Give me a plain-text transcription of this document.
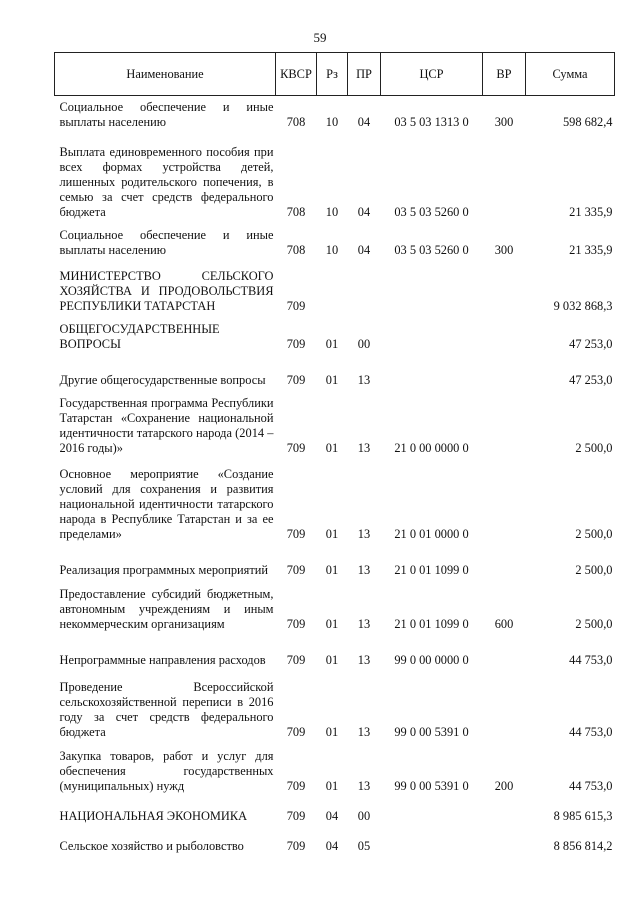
59
Наименование	КВСР	Рз	ПР	ЦСР	ВР	Сумма
Социальное обеспечение и иные выплаты населению	708	10	04	03 5 03 1313 0	300	598 682,4
Выплата единовременного пособия при всех формах устройства детей, лишенных родительского попечения, в семью за счет средств федерального бюджета	708	10	04	03 5 03 5260 0		21 335,9
Социальное обеспечение и иные выплаты населению	708	10	04	03 5 03 5260 0	300	21 335,9
МИНИСТЕРСТВО СЕЛЬСКОГО ХОЗЯЙСТВА И ПРОДОВОЛЬСТВИЯ РЕСПУБЛИКИ ТАТАРСТАН	709					9 032 868,3
ОБЩЕГОСУДАРСТВЕННЫЕ ВОПРОСЫ	709	01	00			47 253,0
Другие общегосударственные вопросы	709	01	13			47 253,0
Государственная программа Республики Татарстан «Сохранение национальной идентичности татарского народа (2014 – 2016 годы)»	709	01	13	21 0 00 0000 0		2 500,0
Основное мероприятие «Создание условий для сохранения и развития национальной идентичности татарского народа в Республике Татарстан и за ее пределами»	709	01	13	21 0 01 0000 0		2 500,0
Реализация программных мероприятий	709	01	13	21 0 01 1099 0		2 500,0
Предоставление субсидий бюджетным, автономным учреждениям и иным некоммерческим организациям	709	01	13	21 0 01 1099 0	600	2 500,0
Непрограммные направления расходов	709	01	13	99 0 00 0000 0		44 753,0
Проведение Всероссийской сельскохозяйственной переписи в 2016 году за счет средств федерального бюджета	709	01	13	99 0 00 5391 0		44 753,0
Закупка товаров, работ и услуг для обеспечения государственных (муниципальных) нужд	709	01	13	99 0 00 5391 0	200	44 753,0
НАЦИОНАЛЬНАЯ ЭКОНОМИКА	709	04	00			8 985 615,3
Сельское хозяйство и рыболовство	709	04	05			8 856 814,2
